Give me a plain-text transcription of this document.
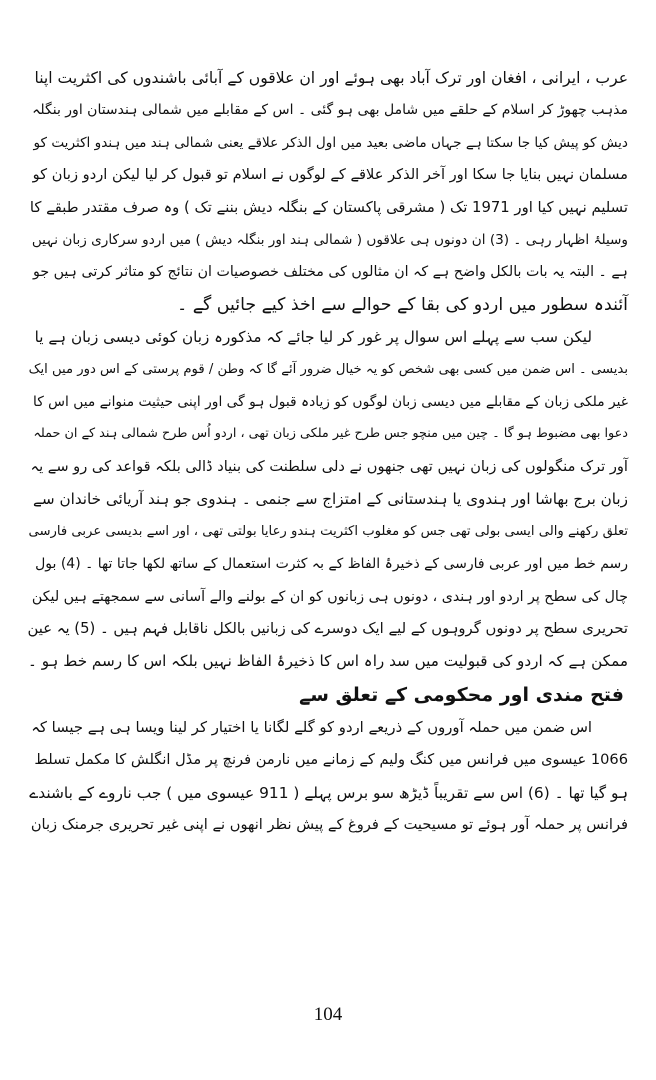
عرب ، ایرانی ، افغان اور ترک آباد بھی ہوئے اور ان علاقوں کے آبائی باشندوں کی اکثریت اپنا

مذہب چھوڑ کر اسلام کے حلقے میں شامل بھی ہو گئی ۔ اس کے مقابلے میں شمالی ہندستان اور بنگلہ

دیش کو پیش کیا جا سکتا ہے جہاں ماضی بعید میں اول الذکر علاقے یعنی شمالی ہند میں ہندو اکثریت کو

مسلمان نہیں بنایا جا سکا اور آخر الذکر علاقے کے لوگوں نے اسلام تو قبول کر لیا لیکن اردو زبان کو

تسلیم نہیں کیا اور 1971 تک ( مشرقی پاکستان کے بنگلہ دیش بننے تک ) وہ صرف مقتدر طبقے کا

وسیلۂ اظہار رہی ۔ (3) ان دونوں ہی علاقوں ( شمالی ہند اور بنگلہ دیش ) میں اردو سرکاری زبان نہیں

ہے ۔ البتہ یہ بات بالکل واضح ہے کہ ان مثالوں کی مختلف خصوصیات ان نتائج کو متاثر کرتی ہیں جو

آئندہ سطور میں اردو کی بقا کے حوالے سے اخذ کیے جائیں گے ۔

لیکن سب سے پہلے اس سوال پر غور کر لیا جائے کہ مذکورہ زبان کوئی دیسی زبان ہے یا

بدیسی ۔ اس ضمن میں کسی بھی شخص کو یہ خیال ضرور آئے گا کہ وطن / قوم پرستی کے اس دور میں ایک

غیر ملکی زبان کے مقابلے میں دیسی زبان لوگوں کو زیادہ قبول ہو گی اور اپنی حیثیت منوانے میں اس کا

دعوا بھی مضبوط ہو گا ۔ چین میں منچو جس طرح غیر ملکی زبان تھی ، اردو اُس طرح شمالی ہند کے ان حملہ

آور ترک منگولوں کی زبان نہیں تھی جنھوں نے دلی سلطنت کی بنیاد ڈالی بلکہ قواعد کی رو سے یہ

زبان برج بھاشا اور ہندوی یا ہندستانی کے امتزاج سے جنمی ۔ ہندوی جو ہند آریائی خاندان سے

تعلق رکھنے والی ایسی بولی تھی جس کو مغلوب اکثریت ہندو رعایا بولتی تھی ، اور اسے بدیسی عربی فارسی

رسم خط میں اور عربی فارسی کے ذخیرۂ الفاظ کے بہ کثرت استعمال کے ساتھ لکھا جاتا تھا ۔ (4) بول

چال کی سطح پر اردو اور ہندی ، دونوں ہی زبانوں کو ان کے بولنے والے آسانی سے سمجھتے ہیں لیکن

تحریری سطح پر دونوں گروہوں کے لیے ایک دوسرے کی زبانیں بالکل ناقابل فہم ہیں ۔ (5) یہ عین

ممکن ہے کہ اردو کی قبولیت میں سد راہ اس کا ذخیرۂ الفاظ نہیں بلکہ اس کا رسم خط ہو ۔

فتح مندی اور محکومی کے تعلق سے

اس ضمن میں حملہ آوروں کے ذریعے اردو کو گلے لگانا یا اختیار کر لینا ویسا ہی ہے جیسا کہ

1066 عیسوی میں فرانس میں کنگ ولیم کے زمانے میں نارمن فرنچ پر مڈل انگلش کا مکمل تسلط

ہو گیا تھا ۔ (6) اس سے تقریباً ڈیڑھ سو برس پہلے ( 911 عیسوی میں ) جب ناروے کے باشندے

فرانس پر حملہ آور ہوئے تو مسیحیت کے فروغ کے پیش نظر انھوں نے اپنی غیر تحریری جرمنک زبان

104
